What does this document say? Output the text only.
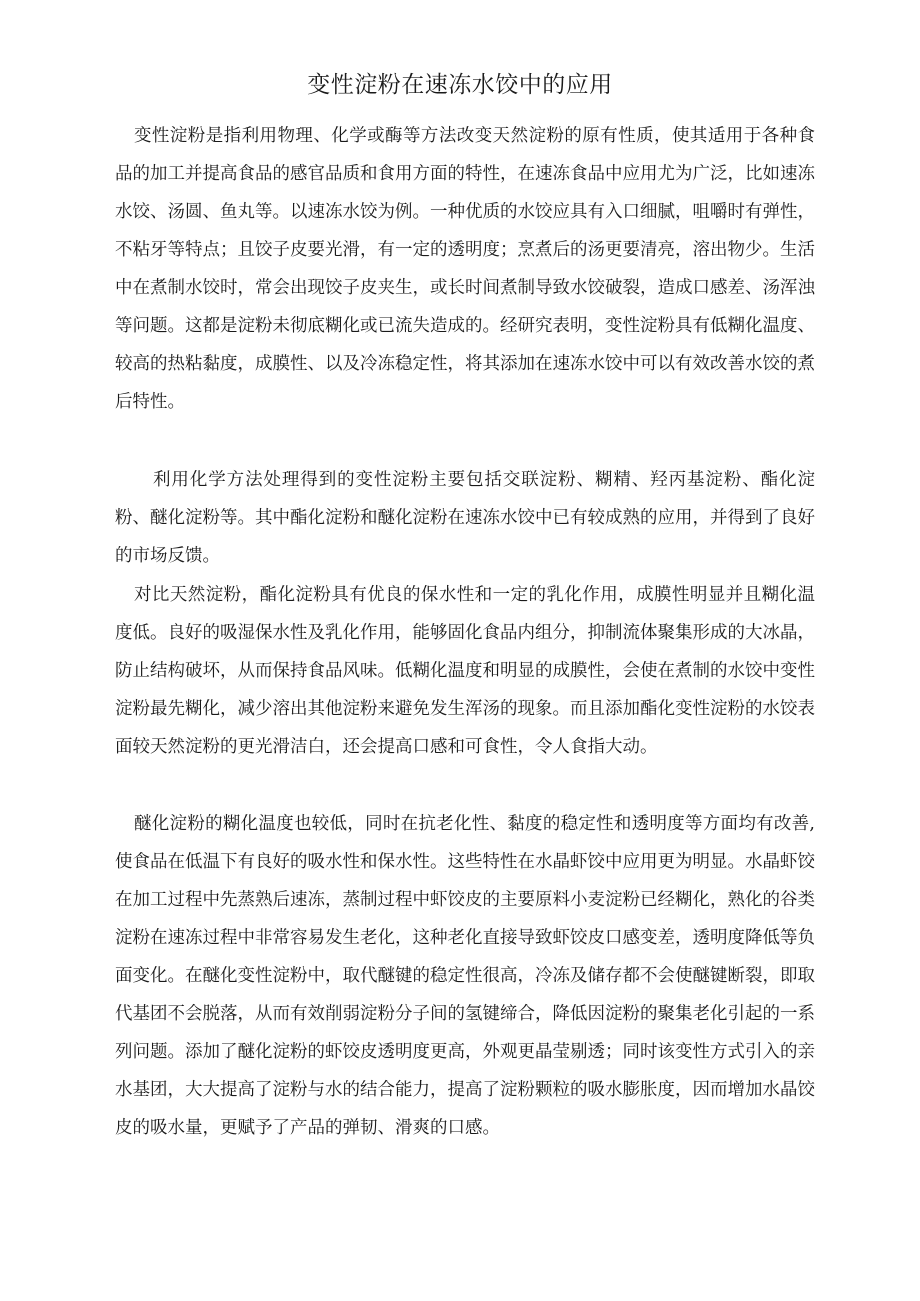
变性淀粉在速冻水饺中的应用

变性淀粉是指利用物理、化学或酶等方法改变天然淀粉的原有性质，使其适用于各种食品的加工并提高食品的感官品质和食用方面的特性，在速冻食品中应用尤为广泛，比如速冻水饺、汤圆、鱼丸等。以速冻水饺为例。一种优质的水饺应具有入口细腻，咀嚼时有弹性，不粘牙等特点；且饺子皮要光滑，有一定的透明度；烹煮后的汤更要清亮，溶出物少。生活中在煮制水饺时，常会出现饺子皮夹生，或长时间煮制导致水饺破裂，造成口感差、汤浑浊等问题。这都是淀粉未彻底糊化或已流失造成的。经研究表明，变性淀粉具有低糊化温度、较高的热粘黏度，成膜性、以及冷冻稳定性，将其添加在速冻水饺中可以有效改善水饺的煮后特性。

利用化学方法处理得到的变性淀粉主要包括交联淀粉、糊精、羟丙基淀粉、酯化淀粉、醚化淀粉等。其中酯化淀粉和醚化淀粉在速冻水饺中已有较成熟的应用，并得到了良好的市场反馈。

对比天然淀粉，酯化淀粉具有优良的保水性和一定的乳化作用，成膜性明显并且糊化温度低。良好的吸湿保水性及乳化作用，能够固化食品内组分，抑制流体聚集形成的大冰晶，防止结构破坏，从而保持食品风味。低糊化温度和明显的成膜性，会使在煮制的水饺中变性淀粉最先糊化，减少溶出其他淀粉来避免发生浑汤的现象。而且添加酯化变性淀粉的水饺表面较天然淀粉的更光滑洁白，还会提高口感和可食性，令人食指大动。

醚化淀粉的糊化温度也较低，同时在抗老化性、黏度的稳定性和透明度等方面均有改善,使食品在低温下有良好的吸水性和保水性。这些特性在水晶虾饺中应用更为明显。水晶虾饺在加工过程中先蒸熟后速冻，蒸制过程中虾饺皮的主要原料小麦淀粉已经糊化，熟化的谷类淀粉在速冻过程中非常容易发生老化，这种老化直接导致虾饺皮口感变差，透明度降低等负面变化。在醚化变性淀粉中，取代醚键的稳定性很高，冷冻及储存都不会使醚键断裂，即取代基团不会脱落，从而有效削弱淀粉分子间的氢键缔合，降低因淀粉的聚集老化引起的一系列问题。添加了醚化淀粉的虾饺皮透明度更高，外观更晶莹剔透；同时该变性方式引入的亲水基团，大大提高了淀粉与水的结合能力，提高了淀粉颗粒的吸水膨胀度，因而增加水晶饺皮的吸水量，更赋予了产品的弹韧、滑爽的口感。
